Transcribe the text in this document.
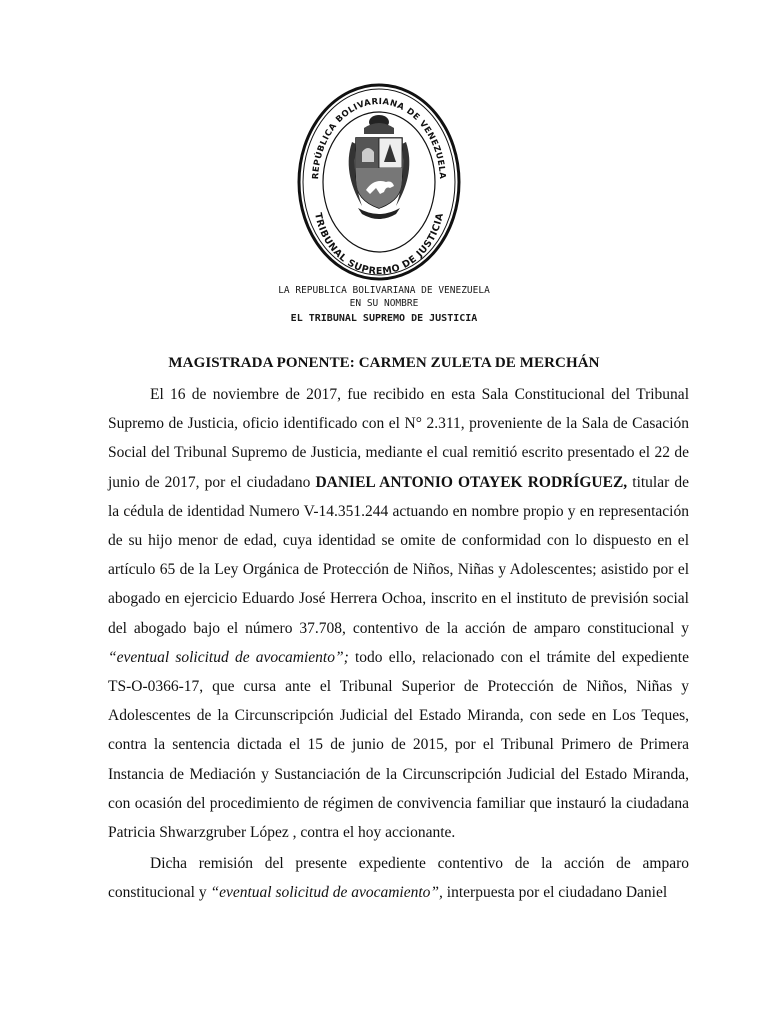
REPÚBLICA BOLIVARIANA DE VENEZUELA
TRIBUNAL SUPREMO DE JUSTICIA
LA REPUBLICA BOLIVARIANA DE VENEZUELA
EN SU NOMBRE
EL TRIBUNAL SUPREMO DE JUSTICIA
MAGISTRADA PONENTE: CARMEN ZULETA DE MERCHÁN

El 16 de noviembre de 2017, fue recibido en esta Sala Constitucional del Tribunal Supremo de Justicia, oficio identificado con el N° 2.311, proveniente de la Sala de Casación Social del Tribunal Supremo de Justicia, mediante el cual remitió escrito presentado el 22 de junio de 2017, por el ciudadano DANIEL ANTONIO OTAYEK RODRÍGUEZ, titular de la cédula de identidad Numero V-14.351.244 actuando en nombre propio y en representación de su hijo menor de edad, cuya identidad se omite de conformidad con lo dispuesto en el artículo 65 de la Ley Orgánica de Protección de Niños, Niñas y Adolescentes; asistido por el abogado en ejercicio Eduardo José Herrera Ochoa, inscrito en el instituto de previsión social del abogado bajo el número 37.708, contentivo de la acción de amparo constitucional y “eventual solicitud de avocamiento”; todo ello, relacionado con el trámite del expediente TS-O-0366-17, que cursa ante el Tribunal Superior de Protección de Niños, Niñas y Adolescentes de la Circunscripción Judicial del Estado Miranda, con sede en Los Teques, contra la sentencia dictada el 15 de junio de 2015, por el Tribunal Primero de Primera Instancia de Mediación y Sustanciación de la Circunscripción Judicial del Estado Miranda, con ocasión del procedimiento de régimen de convivencia familiar que instauró la ciudadana Patricia Shwarzgruber López , contra el hoy accionante.

Dicha remisión del presente expediente contentivo de la acción de amparo constitucional y “eventual solicitud de avocamiento”, interpuesta por el ciudadano Daniel
